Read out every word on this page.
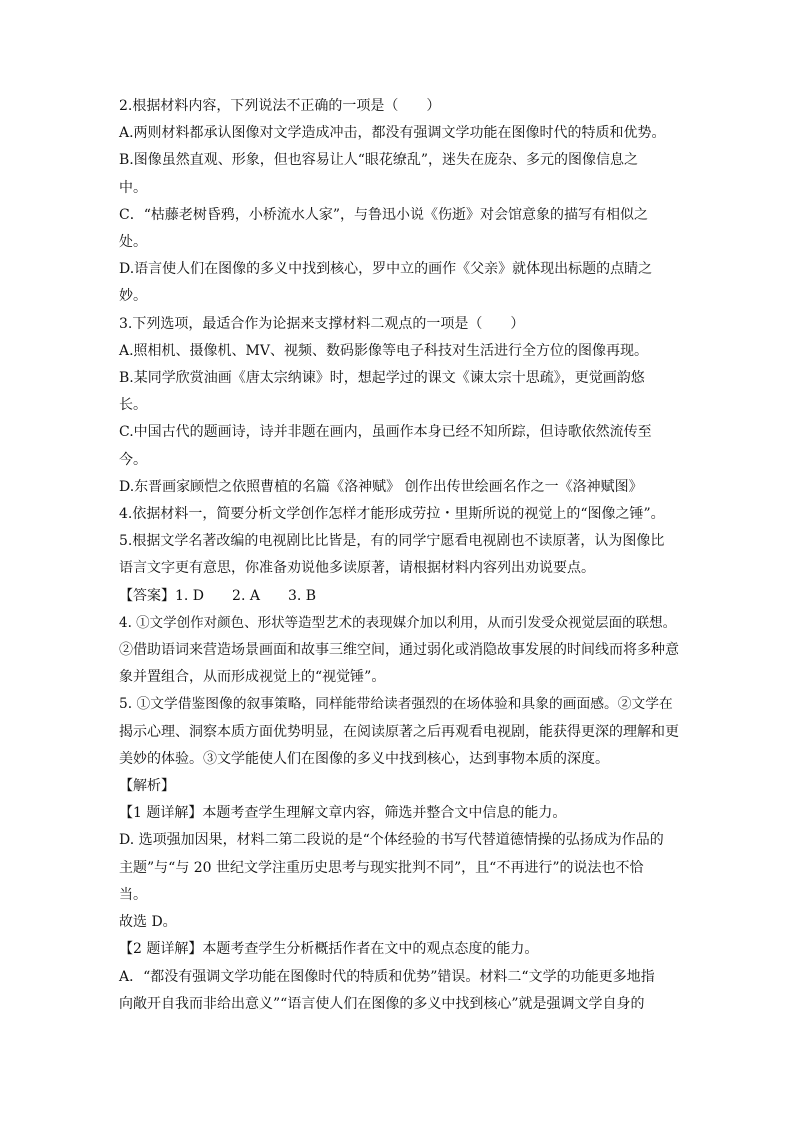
2.根据材料内容，下列说法不正确的一项是（　　）
A.两则材料都承认图像对文学造成冲击，都没有强调文学功能在图像时代的特质和优势。
B.图像虽然直观、形象，但也容易让人“眼花缭乱”，迷失在庞杂、多元的图像信息之
中。
C．“枯藤老树昏鸦，小桥流水人家”，与鲁迅小说《伤逝》对会馆意象的描写有相似之
处。
D.语言使人们在图像的多义中找到核心，罗中立的画作《父亲》就体现出标题的点睛之
妙。
3.下列选项，最适合作为论据来支撑材料二观点的一项是（　　）
A.照相机、摄像机、MV、视频、数码影像等电子科技对生活进行全方位的图像再现。
B.某同学欣赏油画《唐太宗纳谏》时，想起学过的课文《谏太宗十思疏》，更觉画韵悠
长。
C.中国古代的题画诗，诗并非题在画内，虽画作本身已经不知所踪，但诗歌依然流传至
今。
D.东晋画家顾恺之依照曹植的名篇《洛神赋》 创作出传世绘画名作之一《洛神赋图》
4.依据材料一，简要分析文学创作怎样才能形成劳拉・里斯所说的视觉上的“图像之锤”。
5.根据文学名著改编的电视剧比比皆是，有的同学宁愿看电视剧也不读原著，认为图像比
语言文字更有意思，你准备劝说他多读原著，请根据材料内容列出劝说要点。
【答案】1. D　　2. A　　3. B
4. ①文学创作对颜色、形状等造型艺术的表现媒介加以利用，从而引发受众视觉层面的联想。
②借助语词来营造场景画面和故事三维空间，通过弱化或消隐故事发展的时间线而将多种意
象并置组合，从而形成视觉上的“视觉锤”。
5. ①文学借鉴图像的叙事策略，同样能带给读者强烈的在场体验和具象的画面感。②文学在
揭示心理、洞察本质方面优势明显，在阅读原著之后再观看电视剧，能获得更深的理解和更
美妙的体验。③文学能使人们在图像的多义中找到核心，达到事物本质的深度。
【解析】
【1 题详解】本题考查学生理解文章内容，筛选并整合文中信息的能力。
D. 选项强加因果，材料二第二段说的是“个体经验的书写代替道德情操的弘扬成为作品的
主题”与“与 20 世纪文学注重历史思考与现实批判不同”，且“不再进行”的说法也不恰
当。
故选 D。
【2 题详解】本题考查学生分析概括作者在文中的观点态度的能力。
A．“都没有强调文学功能在图像时代的特质和优势”错误。材料二“文学的功能更多地指
向敞开自我而非给出意义”“语言使人们在图像的多义中找到核心”就是强调文学自身的
